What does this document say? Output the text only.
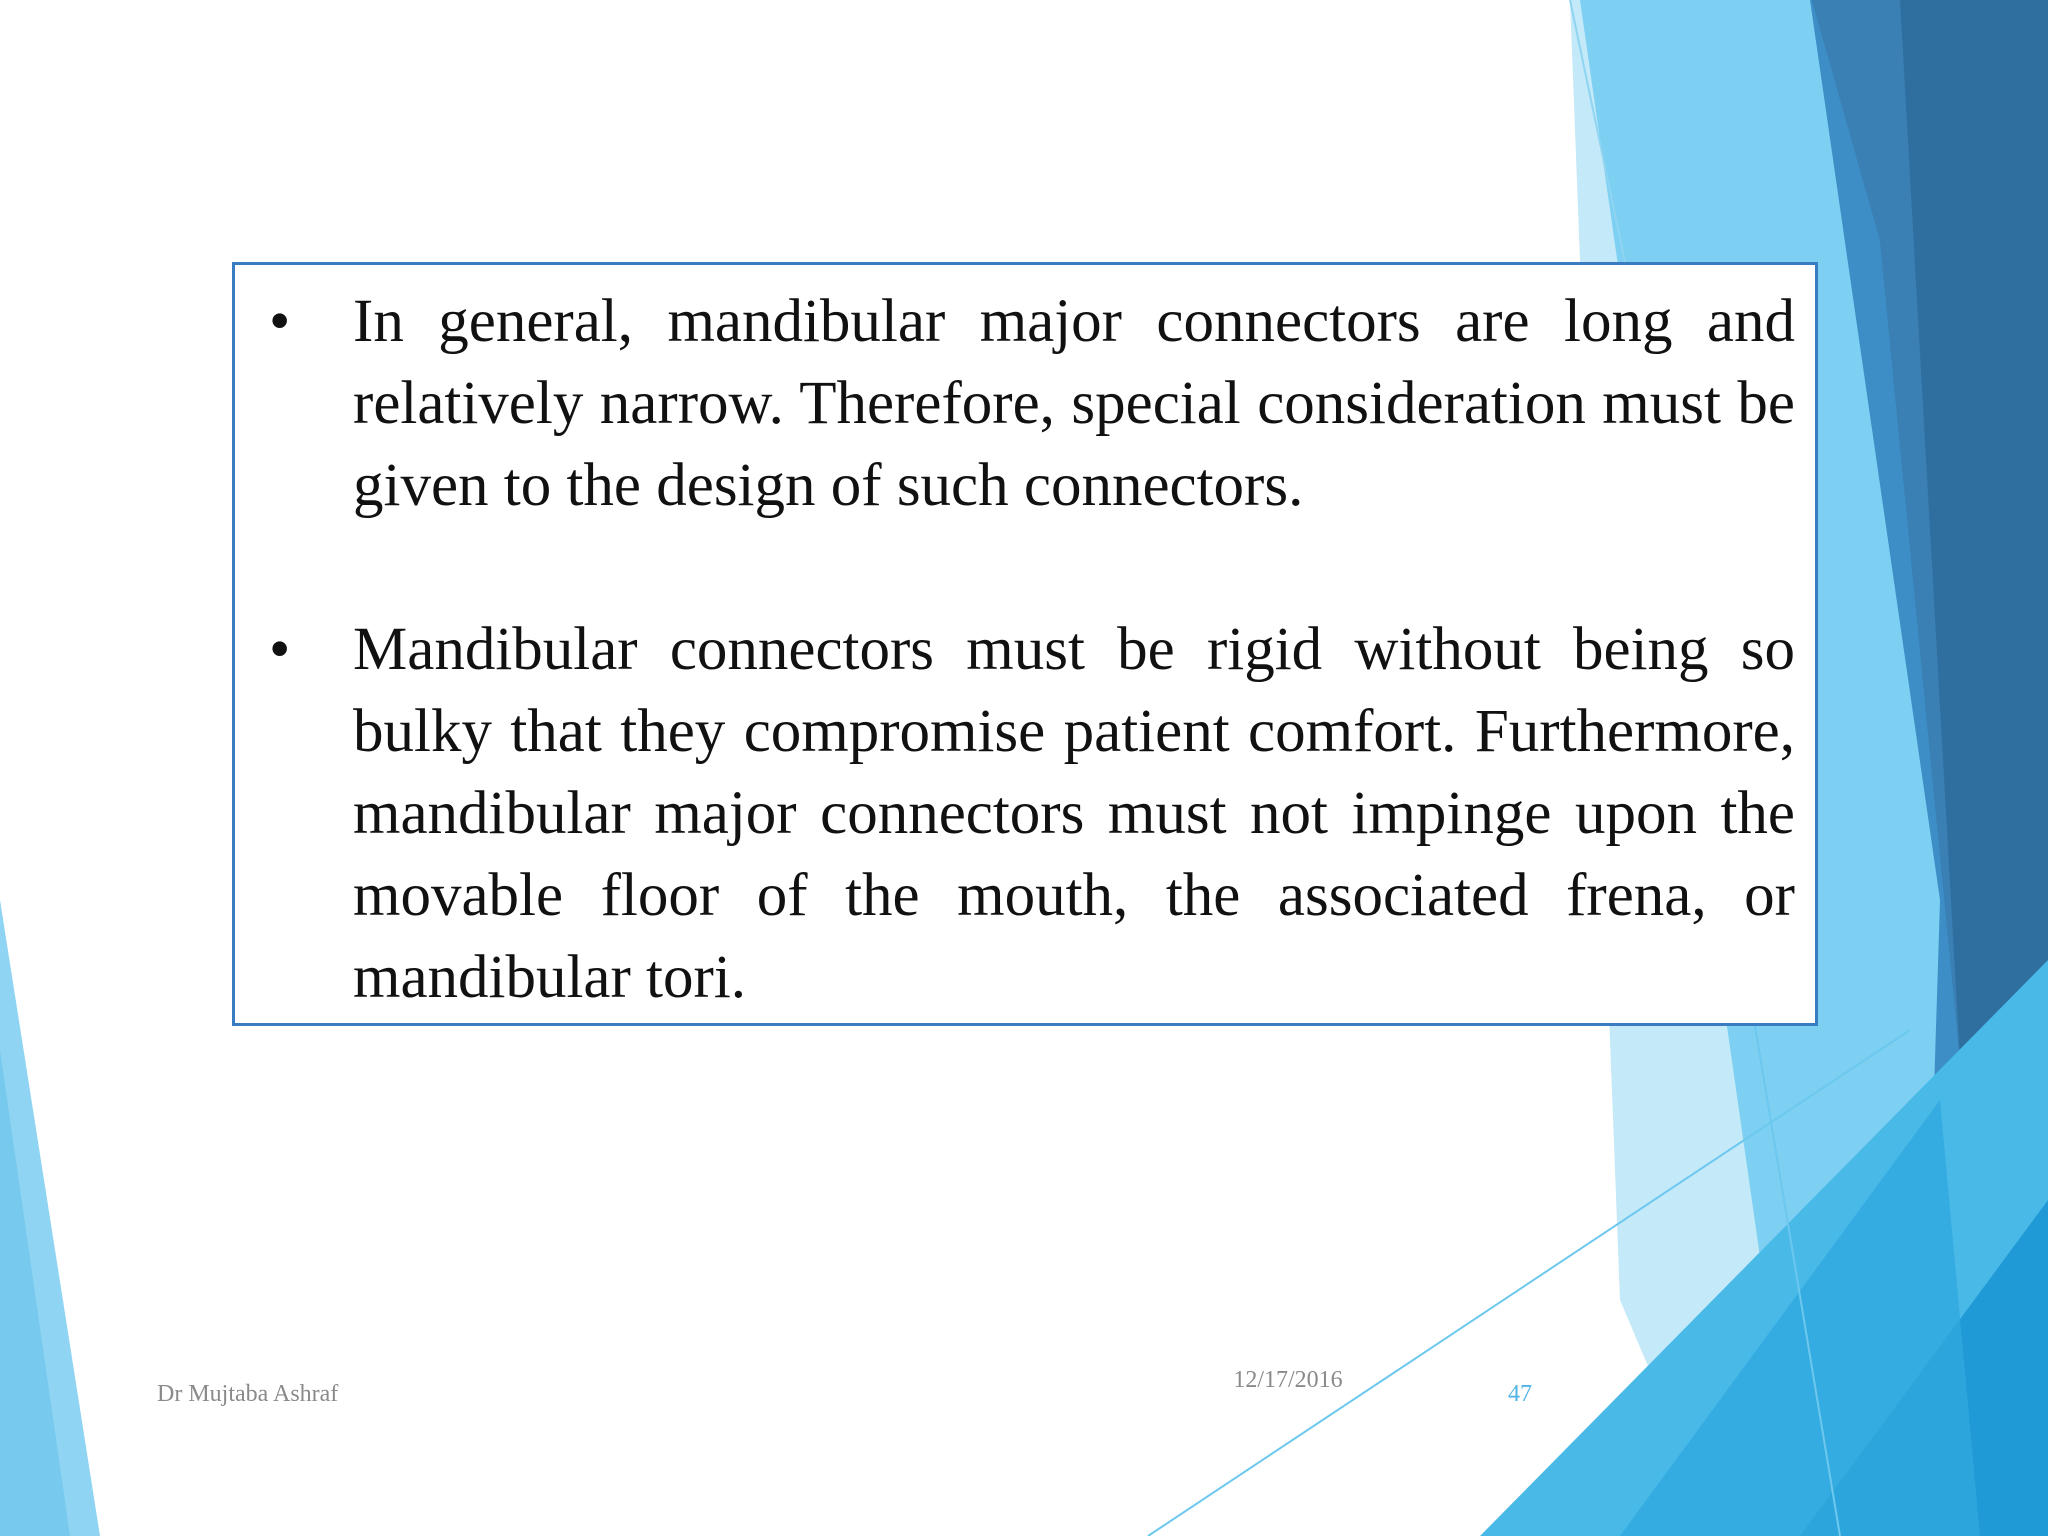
• In general, mandibular major connectors are long and relatively narrow. Therefore, special consideration must be given to the design of such connectors.
• Mandibular connectors must be rigid without being so bulky that they compromise patient comfort. Furthermore, mandibular major connectors must not impinge upon the movable floor of the mouth, the associated frena, or mandibular tori.
Dr Mujtaba Ashraf
12/17/2016
47
